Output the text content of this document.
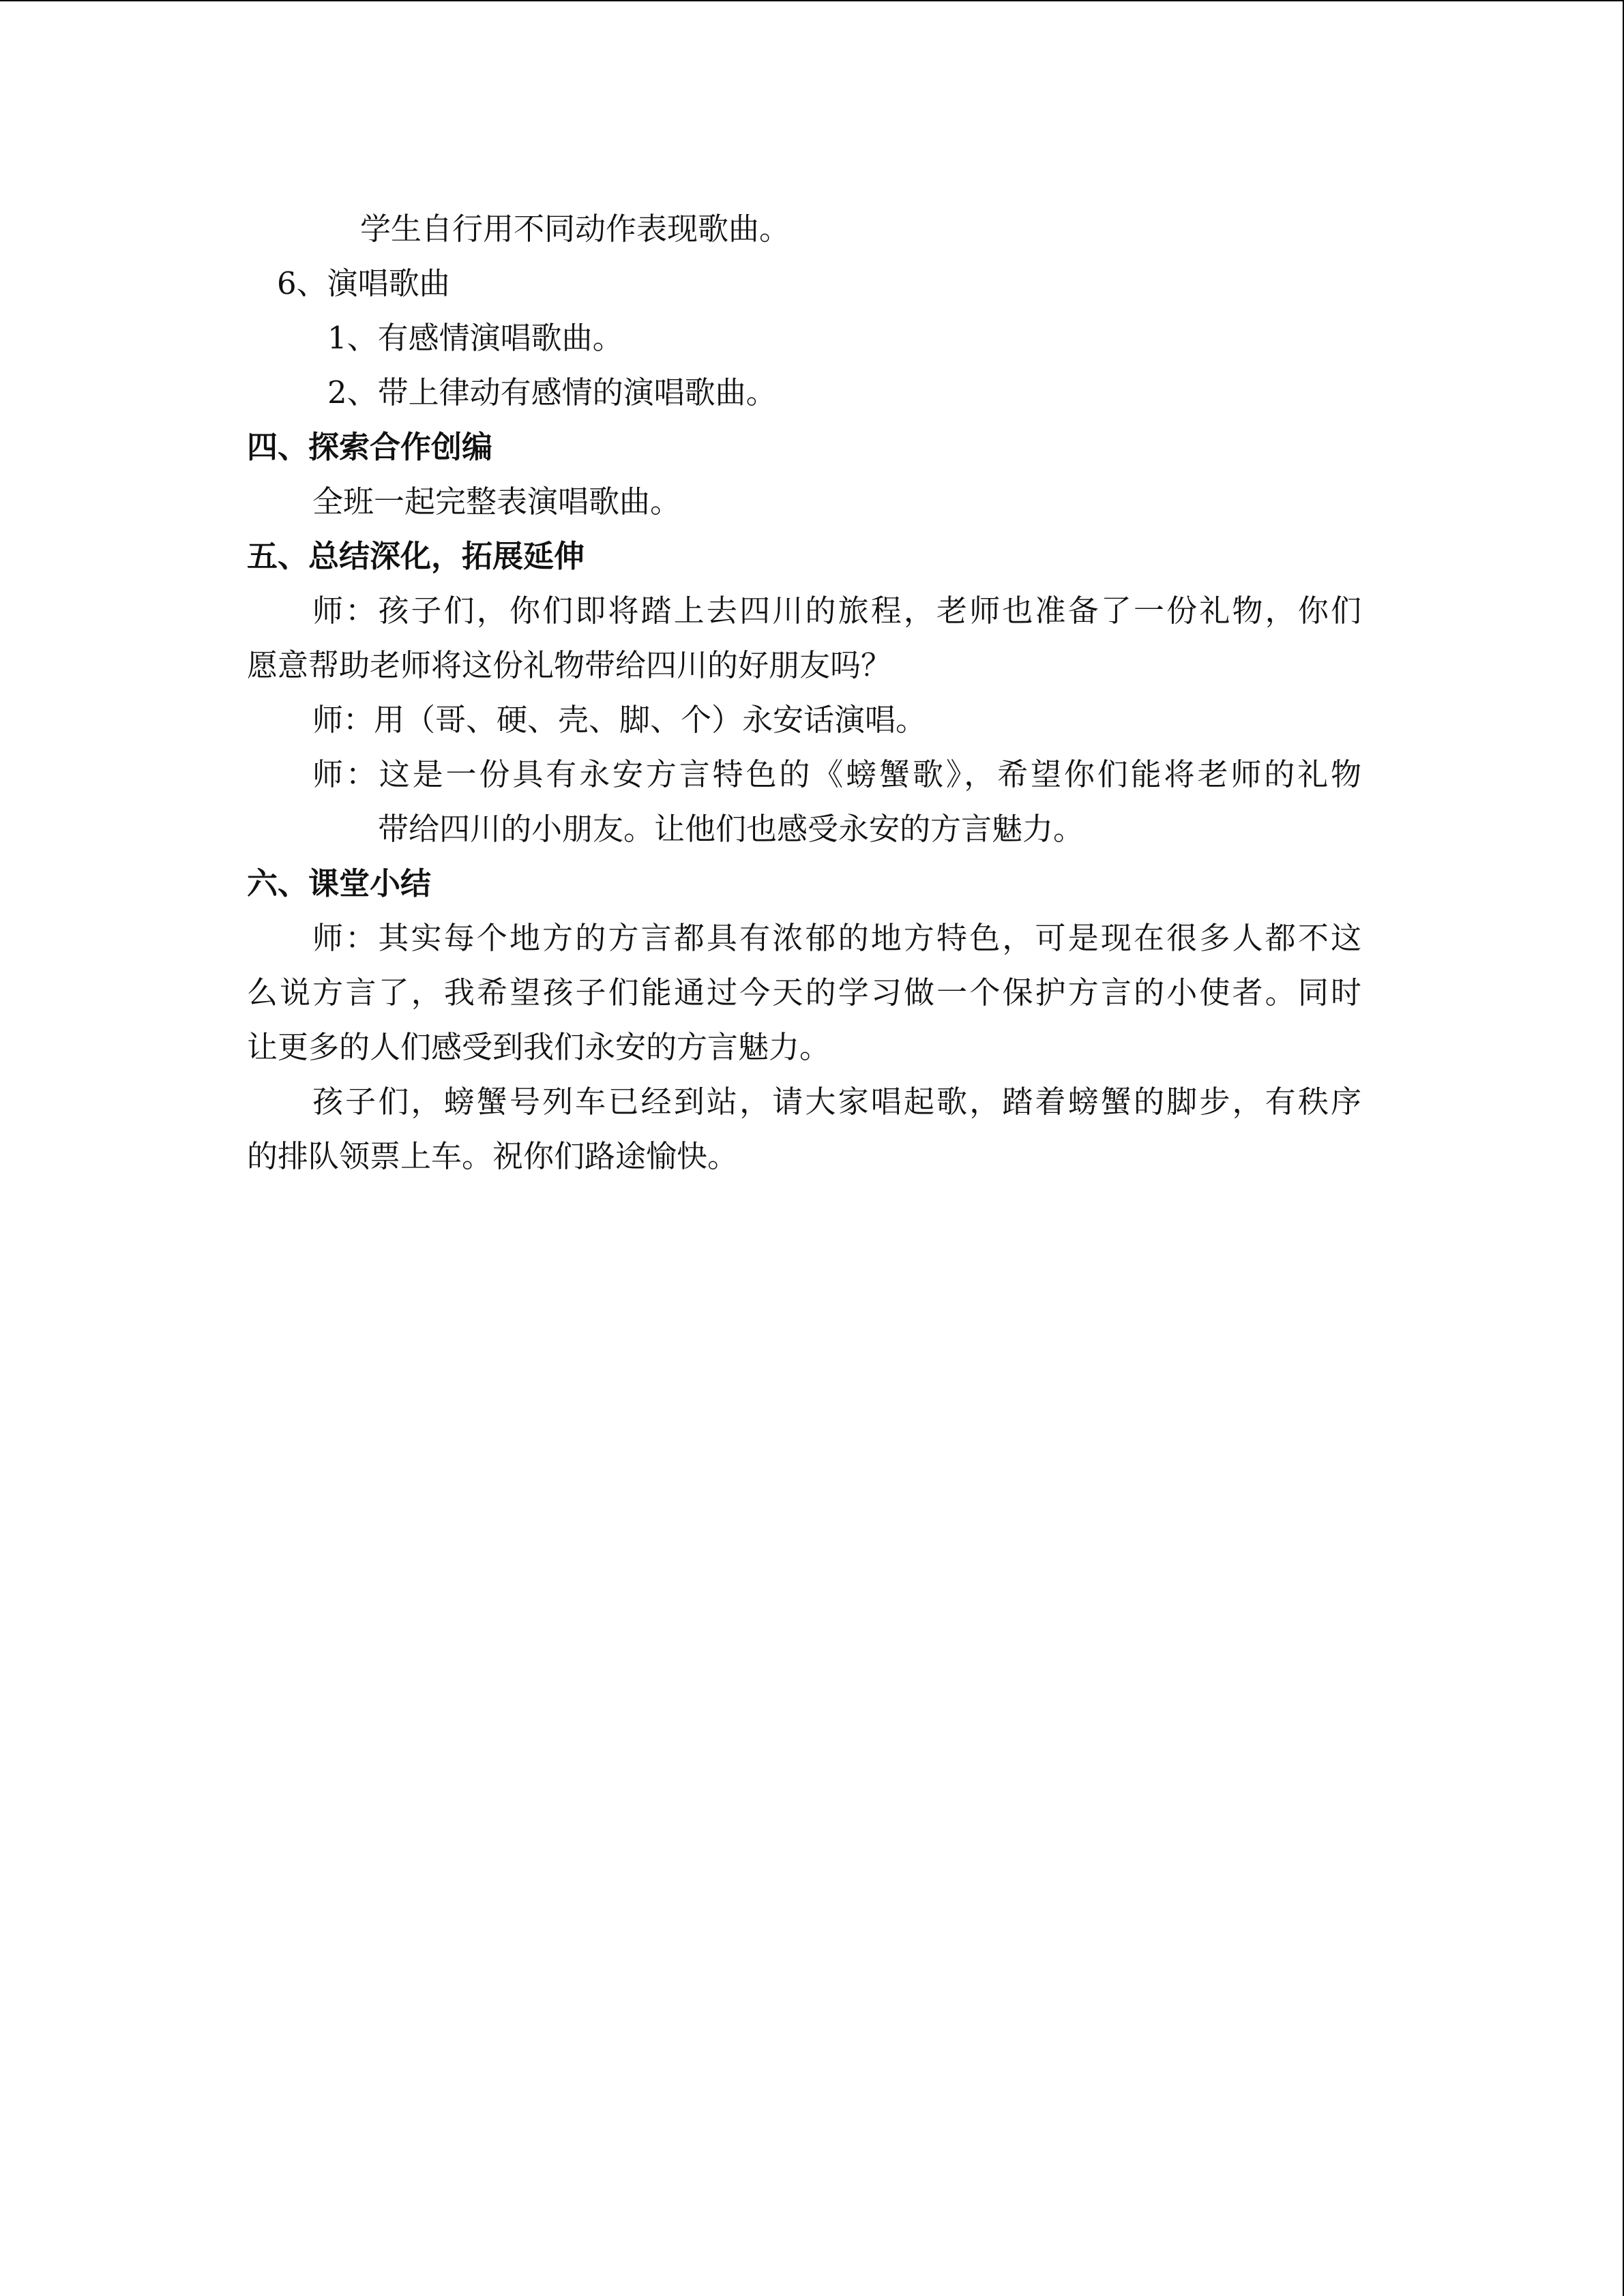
学生自行用不同动作表现歌曲。

6、演唱歌曲

1、有感情演唱歌曲。

2、带上律动有感情的演唱歌曲。

四、探索合作创编

全班一起完整表演唱歌曲。

五、总结深化，拓展延伸

师：孩子们，你们即将踏上去四川的旅程，老师也准备了一份礼物，你们

愿意帮助老师将这份礼物带给四川的好朋友吗？

师：用（哥、硬、壳、脚、个）永安话演唱。

师：这是一份具有永安方言特色的《螃蟹歌》，希望你们能将老师的礼物

带给四川的小朋友。让他们也感受永安的方言魅力。

六、课堂小结

师：其实每个地方的方言都具有浓郁的地方特色，可是现在很多人都不这

么说方言了，我希望孩子们能通过今天的学习做一个保护方言的小使者。同时

让更多的人们感受到我们永安的方言魅力。

孩子们，螃蟹号列车已经到站，请大家唱起歌，踏着螃蟹的脚步，有秩序

的排队领票上车。祝你们路途愉快。
